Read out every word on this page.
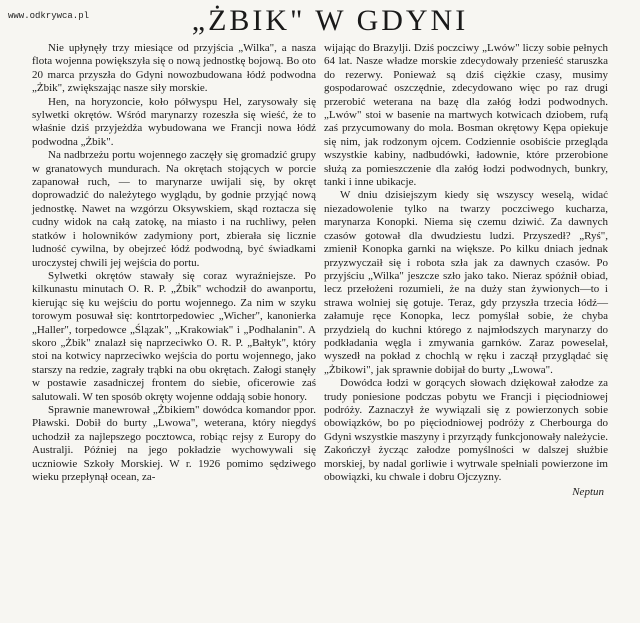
www.odkrywca.pl	„ŻBIK" W GDYNI

Nie upłynęły trzy miesiące od przyjścia „Wilka", a nasza flota wojenna powiększyła się o nową jednostkę bojową. Bo oto 20 marca przyszła do Gdyni nowozbudowana łódź podwodna „Żbik", zwiększając nasze siły morskie.

Hen, na horyzoncie, koło półwyspu Hel, zarysowały się sylwetki okrętów. Wśród marynarzy rozeszła się wieść, że to właśnie dziś przyjeżdża wybudowana we Francji nowa łódź podwodna „Żbik".

Na nadbrzeżu portu wojennego zaczęły się gromadzić grupy w granatowych mundurach. Na okrętach stojących w porcie zapanował ruch, — to marynarze uwijali się, by okręt doprowadzić do należytego wyglądu, by godnie przyjąć nową jednostkę. Nawet na wzgórzu Oksywskiem, skąd roztacza się cudny widok na całą zatokę, na miasto i na ruchliwy, pełen statków i holowników zadymiony port, zbierała się licznie ludność cywilna, by obejrzeć łódź podwodną, być świadkami uroczystej chwili jej wejścia do portu.

Sylwetki okrętów stawały się coraz wyraźniejsze. Po kilkunastu minutach O. R. P. „Żbik" wchodził do awanportu, kierując się ku wejściu do portu wojennego. Za nim w szyku torowym posuwał się: kontrtorpedowiec „Wicher", kanonierka „Haller", torpedowce „Ślązak", „Krakowiak" i „Podhalanin". A skoro „Żbik" znalazł się naprzeciwko O. R. P. „Bałtyk", który stoi na kotwicy naprzeciwko wejścia do portu wojennego, jako starszy na redzie, zagrały trąbki na obu okrętach. Załogi stanęły w postawie zasadniczej frontem do siebie, oficerowie zaś salutowali. W ten sposób okręty wojenne oddają sobie honory.

Sprawnie manewrował „Żbikiem" dowódca komandor ppor. Pławski. Dobił do burty „Lwowa", weterana, który niegdyś uchodził za najlepszego pocztowca, robiąc rejsy z Europy do Australji. Później na jego pokładzie wychowywali się uczniowie Szkoły Morskiej. W r. 1926 pomimo sędziwego wieku przepłynął ocean, za-

wijając do Brazylji. Dziś poczciwy „Lwów" liczy sobie pełnych 64 lat. Nasze władze morskie zdecydowały przenieść staruszka do rezerwy. Ponieważ są dziś ciężkie czasy, musimy gospodarować oszczędnie, zdecydowano więc po raz drugi przerobić weterana na bazę dla załóg łodzi podwodnych. „Lwów" stoi w basenie na martwych kotwicach dziobem, rufą zaś przycumowany do mola. Bosman okrętowy Kępa opiekuje się nim, jak rodzonym ojcem. Codziennie osobiście przegląda wszystkie kabiny, nadbudówki, ładownie, które przerobione służą za pomieszczenie dla załóg łodzi podwodnych, bunkry, tanki i inne ubikacje.

W dniu dzisiejszym kiedy się wszyscy weselą, widać niezadowolenie tylko na twarzy poczciwego kucharza, marynarza Konopki. Niema się czemu dziwić. Za dawnych czasów gotował dla dwudziestu ludzi. Przyszedł? „Ryś", zmienił Konopka garnki na większe. Po kilku dniach jednak przyzwyczaił się i robota szła jak za dawnych czasów. Po przyjściu „Wilka" jeszcze szło jako tako. Nieraz spóźnił obiad, lecz przełożeni rozumieli, że na duży stan żywionych—to i strawa wolniej się gotuje. Teraz, gdy przyszła trzecia łódź—załamuje ręce Konopka, lecz pomyślał sobie, że chyba przydzielą do kuchni którego z najmłodszych marynarzy do podkładania węgla i zmywania garnków. Zaraz poweselał, wyszedł na pokład z chochlą w ręku i zaczął przyglądać się „Żbikowi", jak sprawnie dobijał do burty „Lwowa".

Dowódca łodzi w gorących słowach dziękował załodze za trudy poniesione podczas pobytu we Francji i pięciodniowej podróży. Zaznaczył że wywiązali się z powierzonych sobie obowiązków, bo po pięciodniowej podróży z Cherbourga do Gdyni wszystkie maszyny i przyrządy funkcjonowały należycie. Zakończył życząc załodze pomyślności w dalszej służbie morskiej, by nadal gorliwie i wytrwale spełniali powierzone im obowiązki, ku chwale i dobru Ojczyzny.

Neptun
